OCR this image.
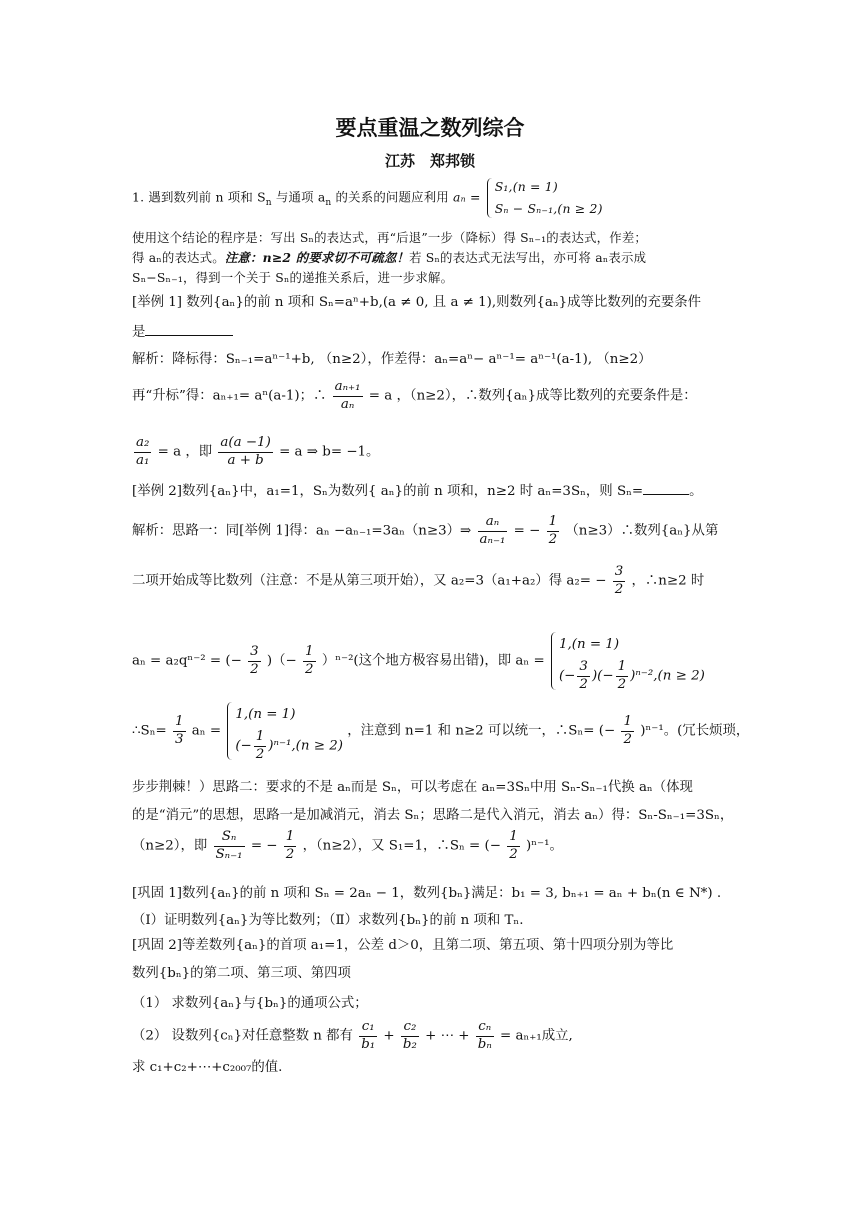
要点重温之数列综合
江苏　郑邦锁
1. 遇到数列前 n 项和 $S_n$ 与通项 $a_n$ 的关系的问题应利用 aₙ =
S₁,(n = 1)
Sₙ − Sₙ₋₁,(n ≥ 2)
使用这个结论的程序是：写出 Sₙ的表达式，再“后退”一步（降标）得 Sₙ₋₁的表达式，作差；
得 aₙ的表达式。注意：n≥2 的要求切不可疏忽！若 Sₙ的表达式无法写出，亦可将 aₙ表示成
Sₙ−Sₙ₋₁，得到一个关于 Sₙ的递推关系后，进一步求解。
[举例 1] 数列{aₙ}的前 n 项和 Sₙ=aⁿ+b,(a ≠ 0, 且 a ≠ 1),则数列{aₙ}成等比数列的充要条件
是
解析：降标得：Sₙ₋₁=aⁿ⁻¹+b, （n≥2），作差得：aₙ=aⁿ− aⁿ⁻¹= aⁿ⁻¹(a-1), （n≥2）
再“升标”得：aₙ₊₁= aⁿ(a-1)；∴ $\frac{\text{aₙ₊₁}}{\text{aₙ}} = a$ ，（n≥2），∴数列{aₙ}成等比数列的充要条件是：
$\frac{\text{a₂}}{\text{a₁}} = a$ ，即 $\frac{a(a -1)}{a + b} = a$ ⇒ b= −1。
[举例 2]数列{aₙ}中，a₁=1，Sₙ为数列{ aₙ}的前 n 项和，n≥2 时 aₙ=3Sₙ，则 Sₙ=	。
解析：思路一：同[举例 1]得：aₙ −aₙ₋₁=3aₙ（n≥3）⇒ $\frac{\text{aₙ}}{\text{aₙ₋₁}}$ = − $\frac{1}{2}$ （n≥3）∴数列{aₙ}从第
二项开始成等比数列（注意：不是从第三项开始），又 a₂=3（a₁+a₂）得 $a_2= - \frac{3}{2}$ ，∴n≥2 时
aₙ = a₂qⁿ⁻² = (− $\frac{3}{2}$ )（− $\frac{1}{2} )^{n-2}$(这个地方极容易出错)，即 aₙ =
1,(n = 1)
(− $\frac{3}{2}$ )(− $\frac{1}{2} )^{n-2},(n \ge 2)$
∴Sₙ= $\frac{1}{3}$ aₙ =
1,(n = 1)
(− $\frac{1}{2} )^{n-1},(n \ge 2)$
，注意到 n=1 和 n≥2 可以统一，∴Sₙ= (− $\frac{1}{2} )^{n-1}$。(冗长烦琐，
步步荆棘！）思路二：要求的不是 aₙ而是 Sₙ，可以考虑在 aₙ=3Sₙ中用 Sₙ-Sₙ₋₁代换 aₙ（体现
的是“消元”的思想，思路一是加减消元，消去 Sₙ；思路二是代入消元，消去 aₙ）得：Sₙ-Sₙ₋₁=3Sₙ，
（n≥2），即 $\frac{\text{Sₙ}}{\text{Sₙ₋₁}}$ = − $\frac{1}{2}$ ，（n≥2），又 S₁=1，∴Sₙ = (− $\frac{1}{2} )^{n-1}$。
[巩固 1]数列{aₙ}的前 n 项和 Sₙ = 2aₙ − 1，数列{bₙ}满足：b₁ = 3, bₙ₊₁ = aₙ + bₙ(n ∈ N*) .
（Ⅰ）证明数列{aₙ}为等比数列；（Ⅱ）求数列{bₙ}的前 n 项和 Tₙ.
[巩固 2]等差数列{aₙ}的首项 a₁=1，公差 d＞0，且第二项、第五项、第十四项分别为等比
数列{bₙ}的第二项、第三项、第四项
（1） 求数列{aₙ}与{bₙ}的通项公式；
（2） 设数列{cₙ}对任意整数 n 都有 $\frac{\text{c₁}}{\text{b₁}} + \frac{\text{c₂}}{\text{b₂}}$ + ⋯ + $\frac{\text{cₙ}}{\text{bₙ}} = a_{n+1}$成立,
求 c₁+c₂+⋯+c₂₀₀₇的值.
